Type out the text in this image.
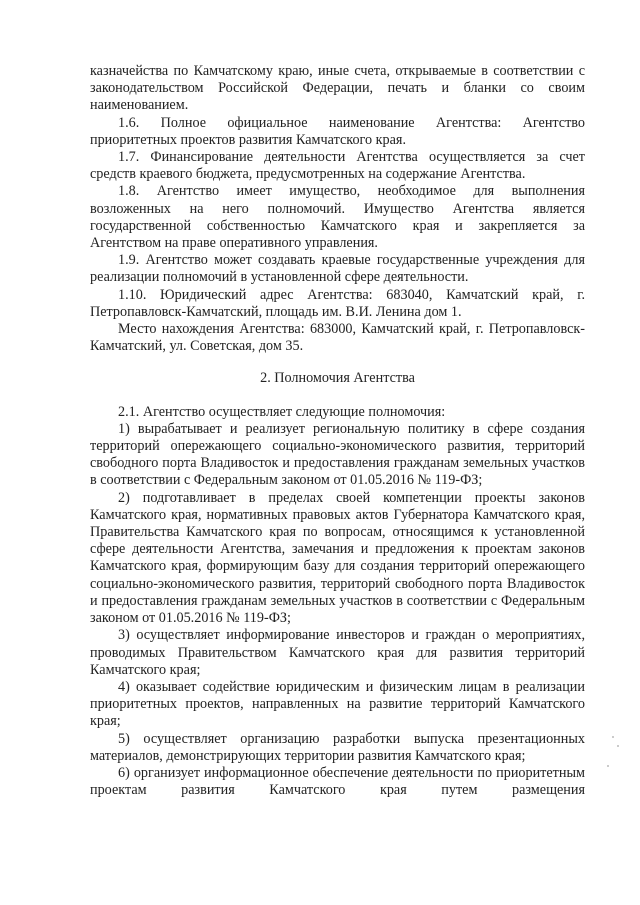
казначейства по Камчатскому краю, иные счета, открываемые в соответствии с законодательством Российской Федерации, печать и бланки со своим наименованием.

1.6. Полное официальное наименование Агентства: Агентство приоритетных проектов развития Камчатского края.

1.7. Финансирование деятельности Агентства осуществляется за счет средств краевого бюджета, предусмотренных на содержание Агентства.

1.8. Агентство имеет имущество, необходимое для выполнения возложенных на него полномочий. Имущество Агентства является государственной собственностью Камчатского края и закрепляется за Агентством на праве оперативного управления.

1.9. Агентство может создавать краевые государственные учреждения для реализации полномочий в установленной сфере деятельности.

1.10. Юридический адрес Агентства: 683040, Камчатский край, г. Петропавловск-Камчатский, площадь им. В.И. Ленина дом 1.

Место нахождения Агентства: 683000, Камчатский край, г. Петропавловск-Камчатский, ул. Советская, дом 35.

2. Полномочия Агентства

2.1. Агентство осуществляет следующие полномочия:

1) вырабатывает и реализует региональную политику в сфере создания территорий опережающего социально-экономического развития, территорий свободного порта Владивосток и предоставления гражданам земельных участков в соответствии с Федеральным законом от 01.05.2016 № 119-ФЗ;

2) подготавливает в пределах своей компетенции проекты законов Камчатского края, нормативных правовых актов Губернатора Камчатского края, Правительства Камчатского края по вопросам, относящимся к установленной сфере деятельности Агентства, замечания и предложения к проектам законов Камчатского края, формирующим базу для создания территорий опережающего социально-экономического развития, территорий свободного порта Владивосток и предоставления гражданам земельных участков в соответствии с Федеральным законом от 01.05.2016 № 119-ФЗ;

3) осуществляет информирование инвесторов и граждан о мероприятиях, проводимых Правительством Камчатского края для развития территорий Камчатского края;

4) оказывает содействие юридическим и физическим лицам в реализации приоритетных проектов, направленных на развитие территорий Камчатского края;

5) осуществляет организацию разработки выпуска презентационных материалов, демонстрирующих территории развития Камчатского края;

6) организует информационное обеспечение деятельности по приоритетным проектам развития Камчатского края путем размещения
